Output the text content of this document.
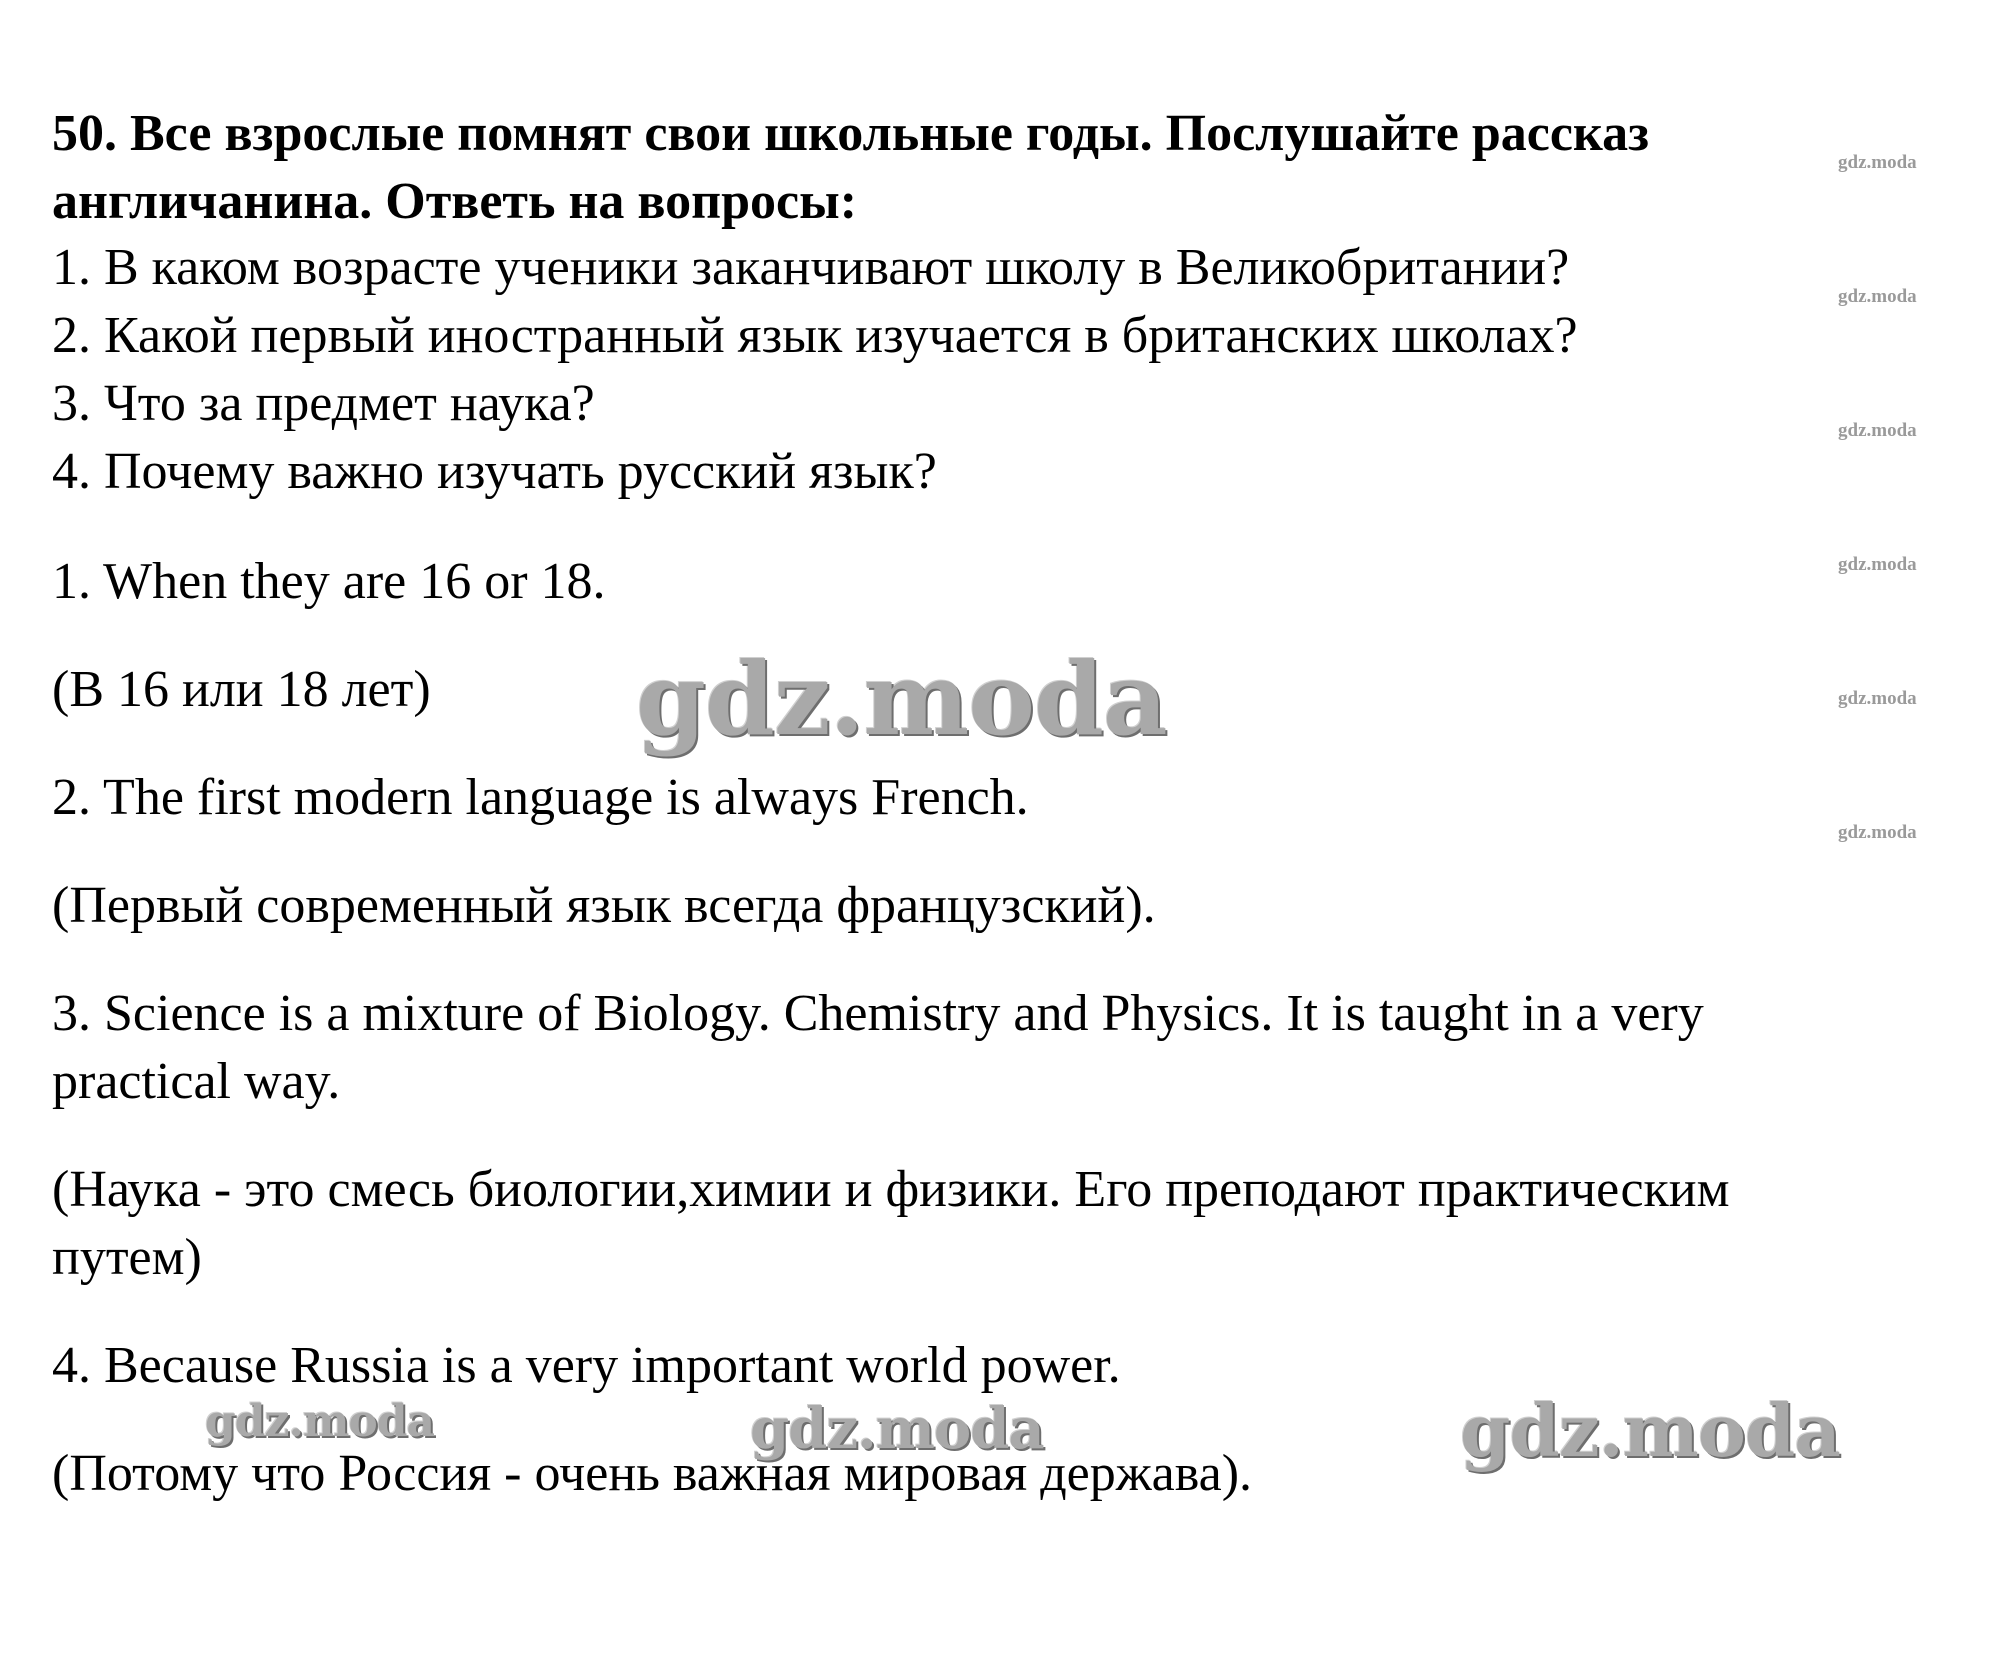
50. Все взрослые помнят свои школьные годы. Послушайте рассказ

англичанина. Ответь на вопросы:

1. В каком возрасте ученики заканчивают школу в Великобритании?

2. Какой первый иностранный язык изучается в британских школах?

3. Что за предмет наука?

4. Почему важно изучать русский язык?

1. When they are 16 or 18.

(В 16 или 18 лет)

2. The first modern language is always French.

(Первый современный язык всегда французский).

3. Science is a mixture of Biology. Chemistry and Physics. It is taught in a very

practical way.

(Наука - это смесь биологии,химии и физики. Его преподают практическим

путем)

4. Because Russia is a very important world power.

(Потому что Россия - очень важная мировая держава).

gdz.moda
gdz.moda
gdz.moda
gdz.moda
gdz.moda
gdz.moda
gdz.moda
gdz.moda	gdz.moda	gdz.moda
